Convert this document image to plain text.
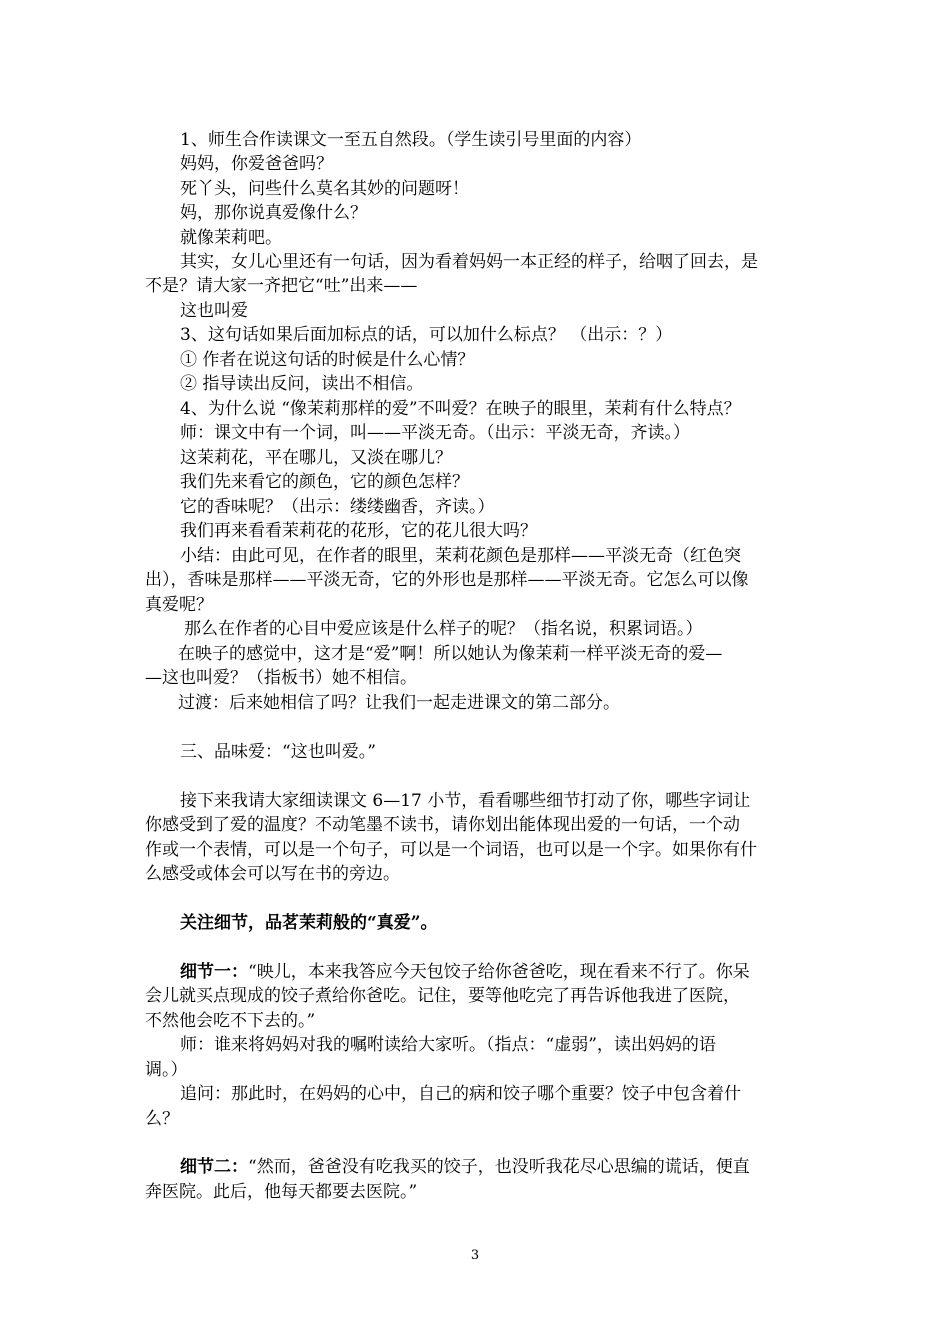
1、师生合作读课文一至五自然段。（学生读引号里面的内容）
妈妈，你爱爸爸吗？
死丫头，问些什么莫名其妙的问题呀！
妈，那你说真爱像什么？
就像茉莉吧。
其实，女儿心里还有一句话，因为看着妈妈一本正经的样子，给咽了回去，是
不是？请大家一齐把它“吐”出来——
这也叫爱
3、这句话如果后面加标点的话，可以加什么标点？ （出示：？）
① 作者在说这句话的时候是什么心情？
② 指导读出反问，读出不相信。
4、为什么说 “像茉莉那样的爱”不叫爱？在映子的眼里，茉莉有什么特点？
师：课文中有一个词，叫——平淡无奇。（出示：平淡无奇，齐读。）
这茉莉花，平在哪儿，又淡在哪儿？
我们先来看它的颜色，它的颜色怎样？
它的香味呢？（出示：缕缕幽香，齐读。）
我们再来看看茉莉花的花形，它的花儿很大吗？
小结：由此可见，在作者的眼里，茉莉花颜色是那样——平淡无奇（红色突
出），香味是那样——平淡无奇，它的外形也是那样——平淡无奇。它怎么可以像
真爱呢？
那么在作者的心目中爱应该是什么样子的呢？（指名说，积累词语。）
在映子的感觉中，这才是“爱”啊！所以她认为像茉莉一样平淡无奇的爱—
—这也叫爱？（指板书）她不相信。
过渡：后来她相信了吗？让我们一起走进课文的第二部分。
三、品味爱：“这也叫爱。”
接下来我请大家细读课文 6—17 小节，看看哪些细节打动了你，哪些字词让
你感受到了爱的温度？不动笔墨不读书，请你划出能体现出爱的一句话，一个动
作或一个表情，可以是一个句子，可以是一个词语，也可以是一个字。如果你有什
么感受或体会可以写在书的旁边。
关注细节，品茗茉莉般的“真爱”。
细节一：“映儿，本来我答应今天包饺子给你爸爸吃，现在看来不行了。你呆
会儿就买点现成的饺子煮给你爸吃。记住，要等他吃完了再告诉他我进了医院，
不然他会吃不下去的。”
师：谁来将妈妈对我的嘱咐读给大家听。（指点：“虚弱”，读出妈妈的语
调。）
追问：那此时，在妈妈的心中，自己的病和饺子哪个重要？饺子中包含着什
么？
细节二：“然而，爸爸没有吃我买的饺子，也没听我花尽心思编的谎话，便直
奔医院。此后，他每天都要去医院。”
3
